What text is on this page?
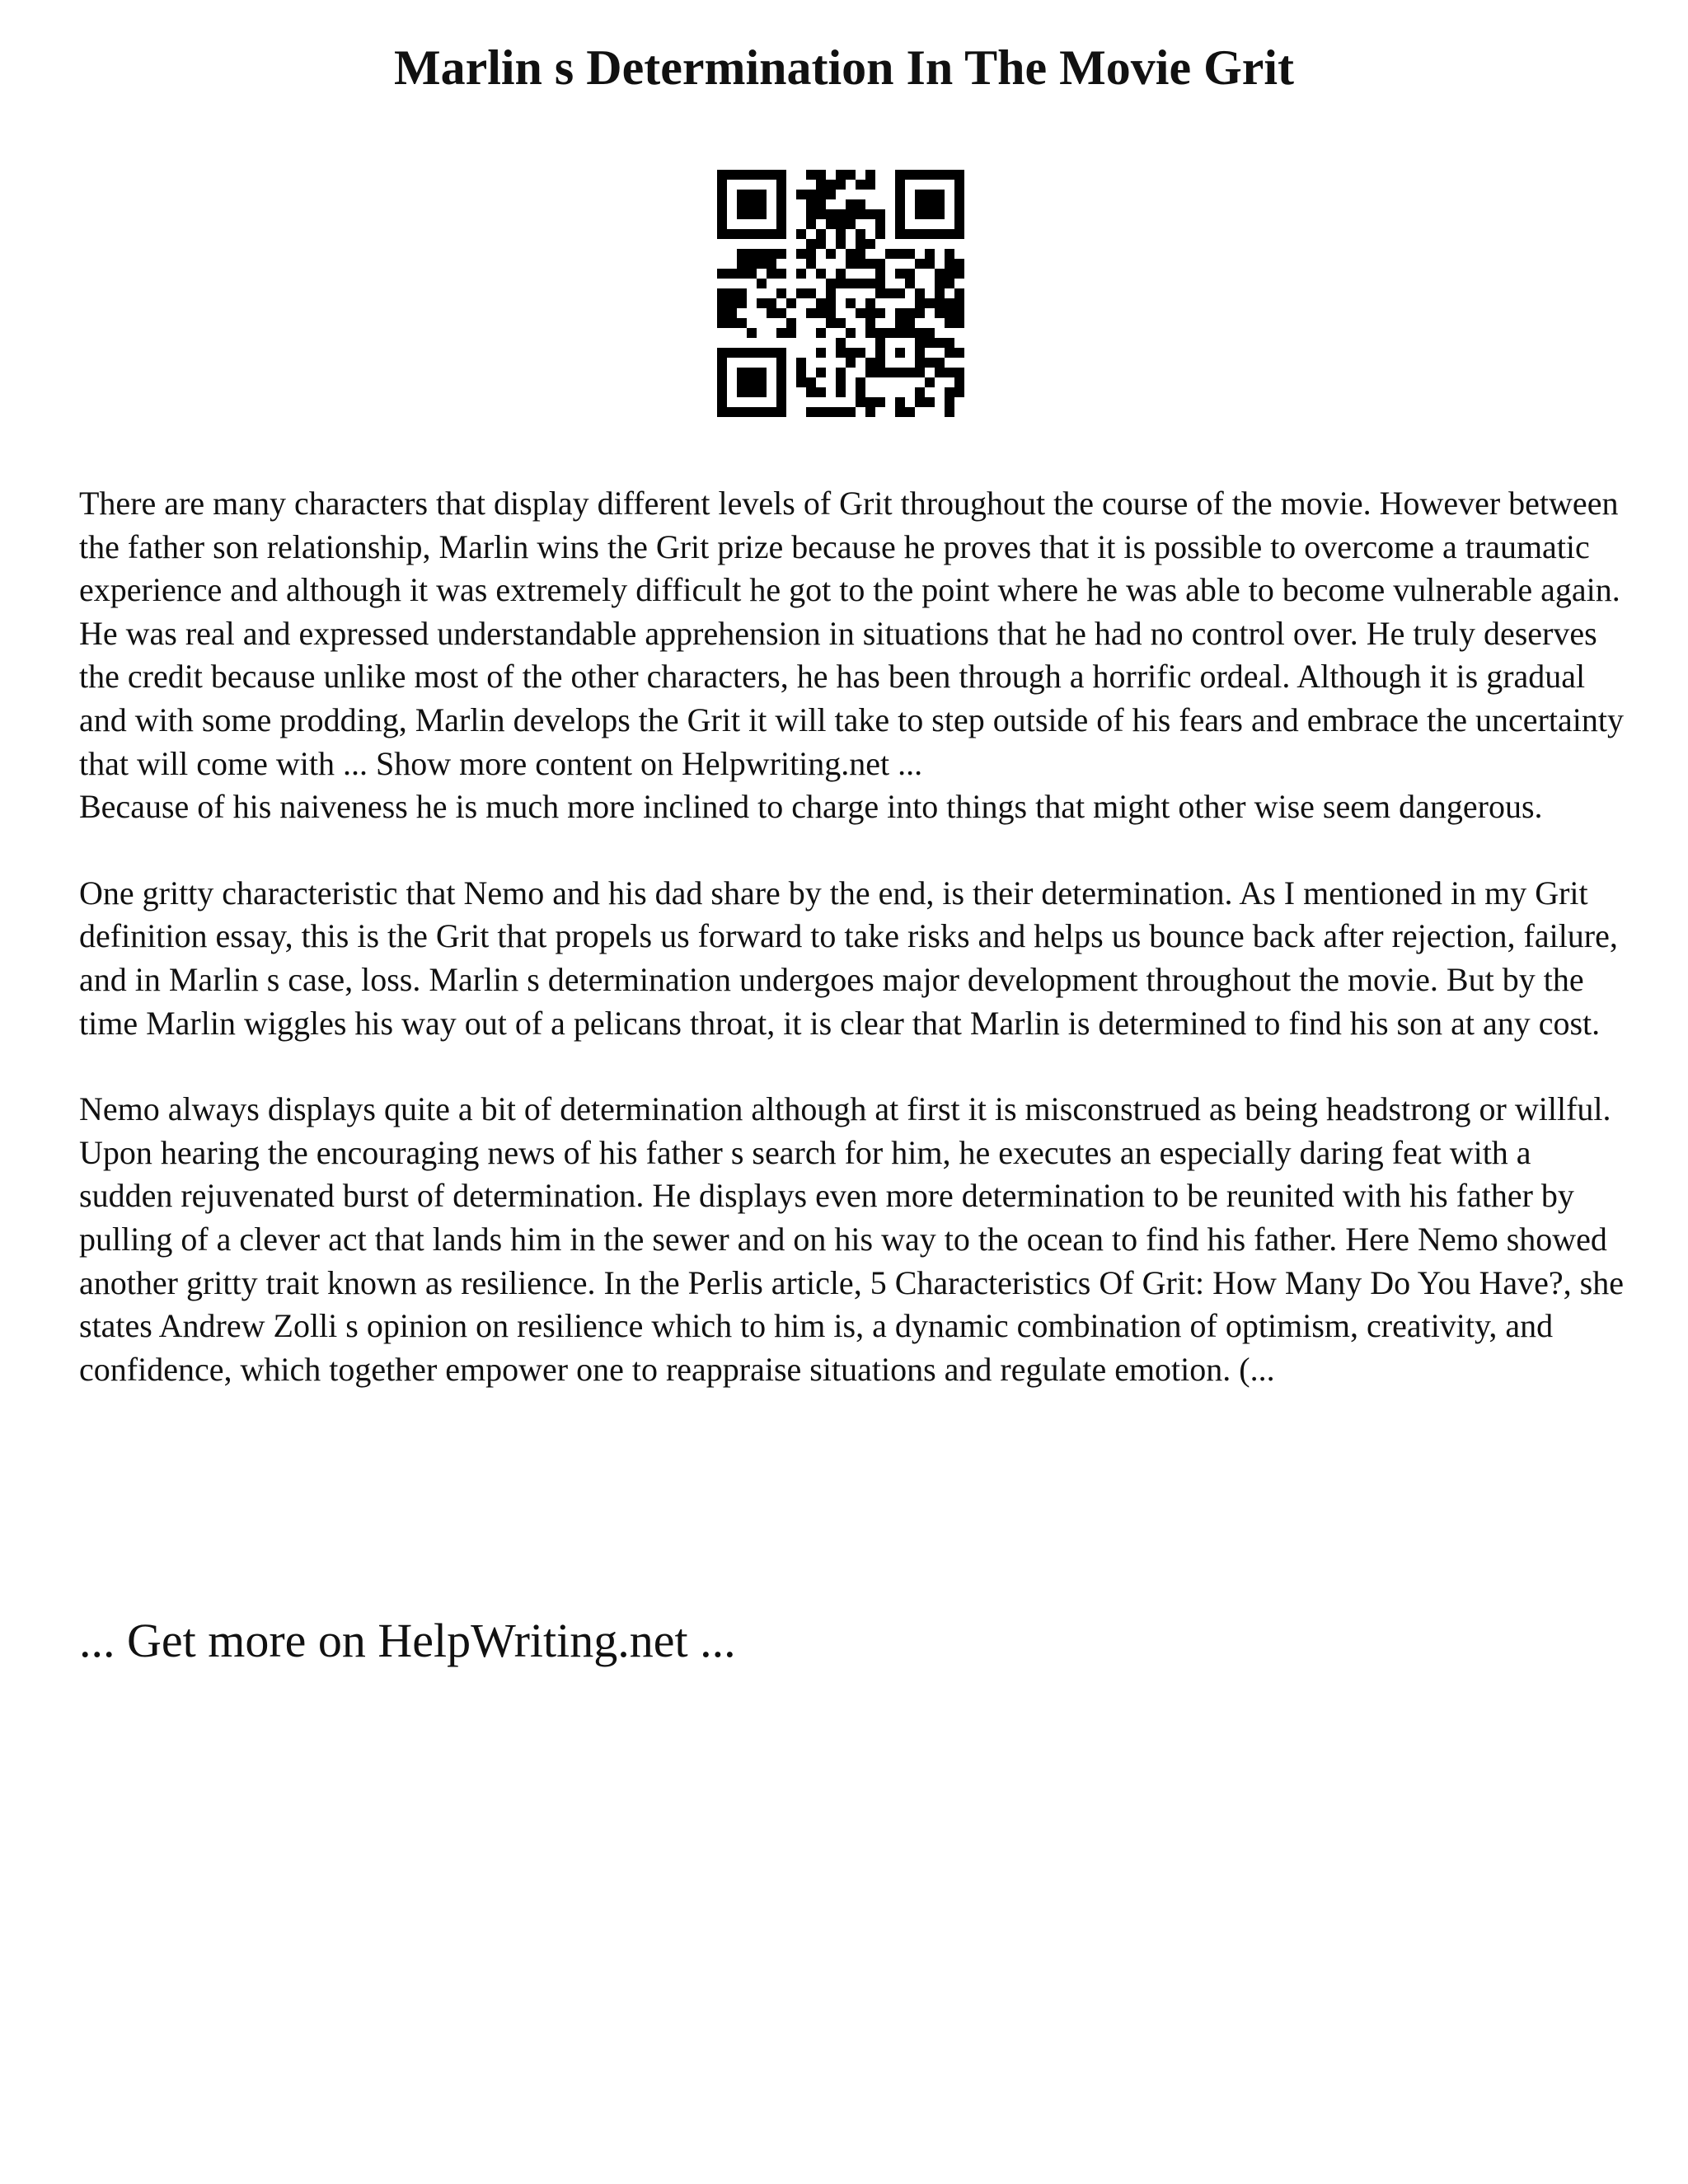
Marlin s Determination In The Movie Grit

There are many characters that display different levels of Grit throughout the course of the movie. However between the father son relationship, Marlin wins the Grit prize because he proves that it is possible to overcome a traumatic experience and although it was extremely difficult he got to the point where he was able to become vulnerable again. He was real and expressed understandable apprehension in situations that he had no control over. He truly deserves the credit because unlike most of the other characters, he has been through a horrific ordeal. Although it is gradual and with some prodding, Marlin develops the Grit it will take to step outside of his fears and embrace the uncertainty that will come with ... Show more content on Helpwriting.net ...

Because of his naiveness he is much more inclined to charge into things that might other wise seem dangerous.

One gritty characteristic that Nemo and his dad share by the end, is their determination. As I mentioned in my Grit definition essay, this is the Grit that propels us forward to take risks and helps us bounce back after rejection, failure, and in Marlin s case, loss. Marlin s determination undergoes major development throughout the movie. But by the time Marlin wiggles his way out of a pelicans throat, it is clear that Marlin is determined to find his son at any cost.

Nemo always displays quite a bit of determination although at first it is misconstrued as being headstrong or willful. Upon hearing the encouraging news of his father s search for him, he executes an especially daring feat with a sudden rejuvenated burst of determination. He displays even more determination to be reunited with his father by pulling of a clever act that lands him in the sewer and on his way to the ocean to find his father. Here Nemo showed another gritty trait known as resilience. In the Perlis article, 5 Characteristics Of Grit: How Many Do You Have?, she states Andrew Zolli s opinion on resilience which to him is, a dynamic combination of optimism, creativity, and confidence, which together empower one to reappraise situations and regulate emotion. (...

... Get more on HelpWriting.net ...
